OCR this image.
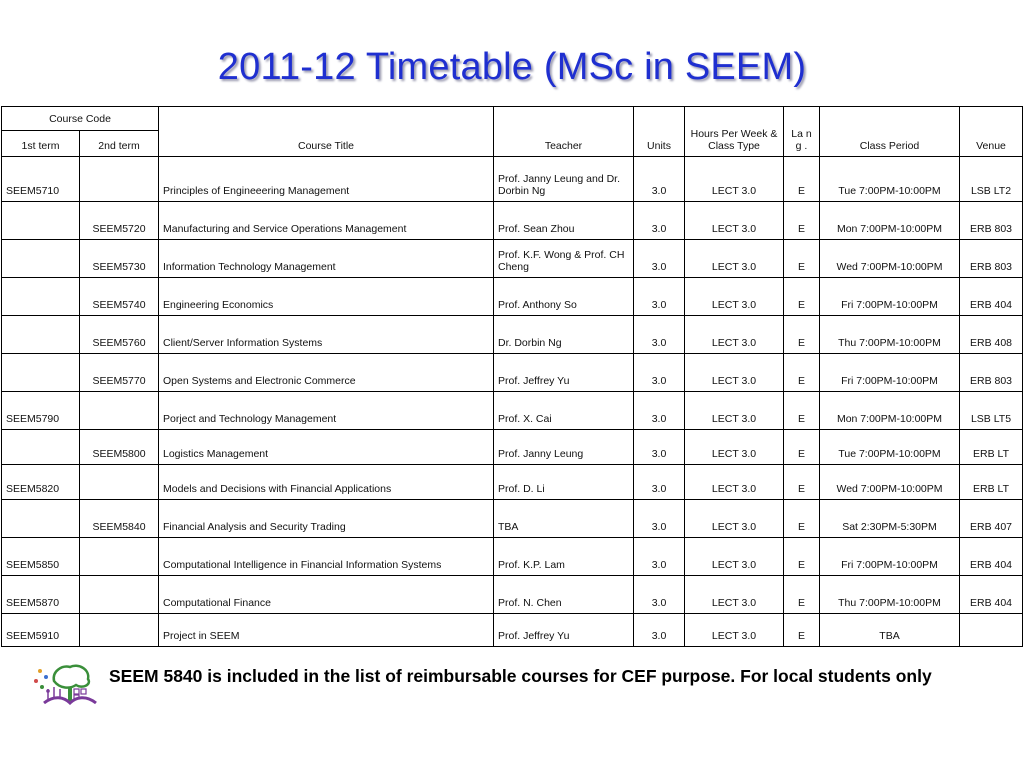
2011-12 Timetable (MSc in SEEM)
Course Code		Course Title	Teacher	Units	Hours Per Week & Class Type	La ng .	Class Period	Venue
1st term	2nd term							
SEEM5710		Principles of Engineeering Management	Prof. Janny Leung and Dr. Dorbin Ng	3.0	LECT 3.0	E	Tue 7:00PM-10:00PM	LSB LT2
	SEEM5720	Manufacturing and Service Operations Management	Prof. Sean Zhou	3.0	LECT 3.0	E	Mon 7:00PM-10:00PM	ERB 803
	SEEM5730	Information Technology Management	Prof. K.F. Wong & Prof. CH Cheng	3.0	LECT 3.0	E	Wed 7:00PM-10:00PM	ERB 803
	SEEM5740	Engineering Economics	Prof. Anthony So	3.0	LECT 3.0	E	Fri 7:00PM-10:00PM	ERB 404
	SEEM5760	Client/Server Information Systems	Dr. Dorbin Ng	3.0	LECT 3.0	E	Thu 7:00PM-10:00PM	ERB 408
	SEEM5770	Open Systems and Electronic Commerce	Prof. Jeffrey Yu	3.0	LECT 3.0	E	Fri 7:00PM-10:00PM	ERB 803
SEEM5790		Porject and Technology Management	Prof. X. Cai	3.0	LECT 3.0	E	Mon 7:00PM-10:00PM	LSB LT5
	SEEM5800	Logistics Management	Prof. Janny Leung	3.0	LECT 3.0	E	Tue 7:00PM-10:00PM	ERB LT
SEEM5820		Models and Decisions with Financial Applications	Prof. D. Li	3.0	LECT 3.0	E	Wed 7:00PM-10:00PM	ERB LT
	SEEM5840	Financial Analysis and Security Trading	TBA	3.0	LECT 3.0	E	Sat 2:30PM-5:30PM	ERB 407
SEEM5850		Computational Intelligence in Financial Information Systems	Prof. K.P. Lam	3.0	LECT 3.0	E	Fri 7:00PM-10:00PM	ERB 404
SEEM5870		Computational Finance	Prof. N. Chen	3.0	LECT 3.0	E	Thu 7:00PM-10:00PM	ERB 404
SEEM5910		Project in SEEM	Prof. Jeffrey Yu	3.0	LECT 3.0	E	TBA	
SEEM 5840 is included in the list of reimbursable courses for CEF purpose. For local students only
